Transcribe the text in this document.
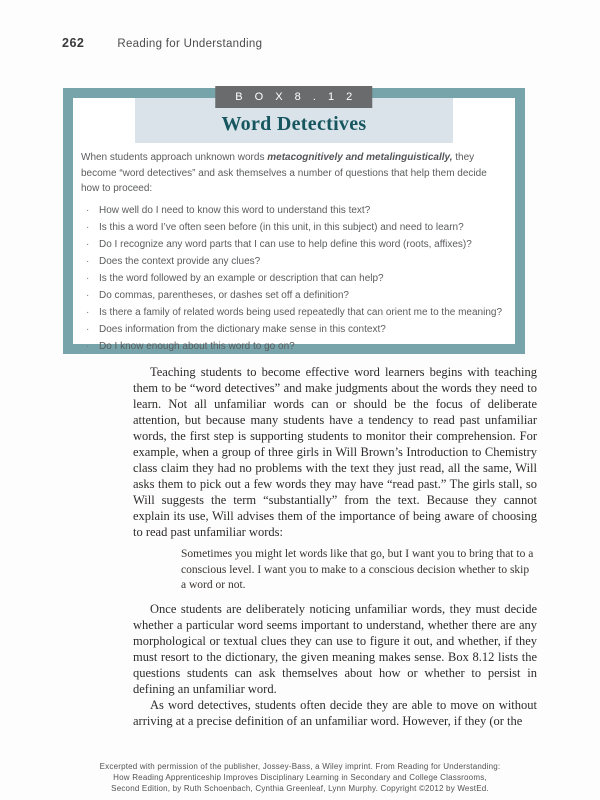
262	Reading for Understanding
B O X 8 . 1 2
Word Detectives
When students approach unknown words metacognitively and metalinguistically, they become “word detectives” and ask themselves a number of questions that help them decide how to proceed:
· How well do I need to know this word to understand this text?
· Is this a word I’ve often seen before (in this unit, in this subject) and need to learn?
· Do I recognize any word parts that I can use to help define this word (roots, affixes)?
· Does the context provide any clues?
· Is the word followed by an example or description that can help?
· Do commas, parentheses, or dashes set off a definition?
· Is there a family of related words being used repeatedly that can orient me to the meaning?
· Does information from the dictionary make sense in this context?
· Do I know enough about this word to go on?

Teaching students to become effective word learners begins with teaching them to be “word detectives” and make judgments about the words they need to learn. Not all unfamiliar words can or should be the focus of deliberate attention, but because many students have a tendency to read past unfamiliar words, the first step is supporting students to monitor their comprehension. For example, when a group of three girls in Will Brown’s Introduction to Chemistry class claim they had no problems with the text they just read, all the same, Will asks them to pick out a few words they may have “read past.” The girls stall, so Will suggests the term “substantially” from the text. Because they cannot explain its use, Will advises them of the importance of being aware of choosing to read past unfamiliar words:

Sometimes you might let words like that go, but I want you to bring that to a conscious level. I want you to make to a conscious decision whether to skip a word or not.

Once students are deliberately noticing unfamiliar words, they must decide whether a particular word seems important to understand, whether there are any morphological or textual clues they can use to figure it out, and whether, if they must resort to the dictionary, the given meaning makes sense. Box 8.12 lists the questions students can ask themselves about how or whether to persist in defining an unfamiliar word.

As word detectives, students often decide they are able to move on without arriving at a precise definition of an unfamiliar word. However, if they (or the

Excerpted with permission of the publisher, Jossey-Bass, a Wiley imprint. From Reading for Understanding:
How Reading Apprenticeship Improves Disciplinary Learning in Secondary and College Classrooms,
Second Edition, by Ruth Schoenbach, Cynthia Greenleaf, Lynn Murphy. Copyright ©2012 by WestEd.
